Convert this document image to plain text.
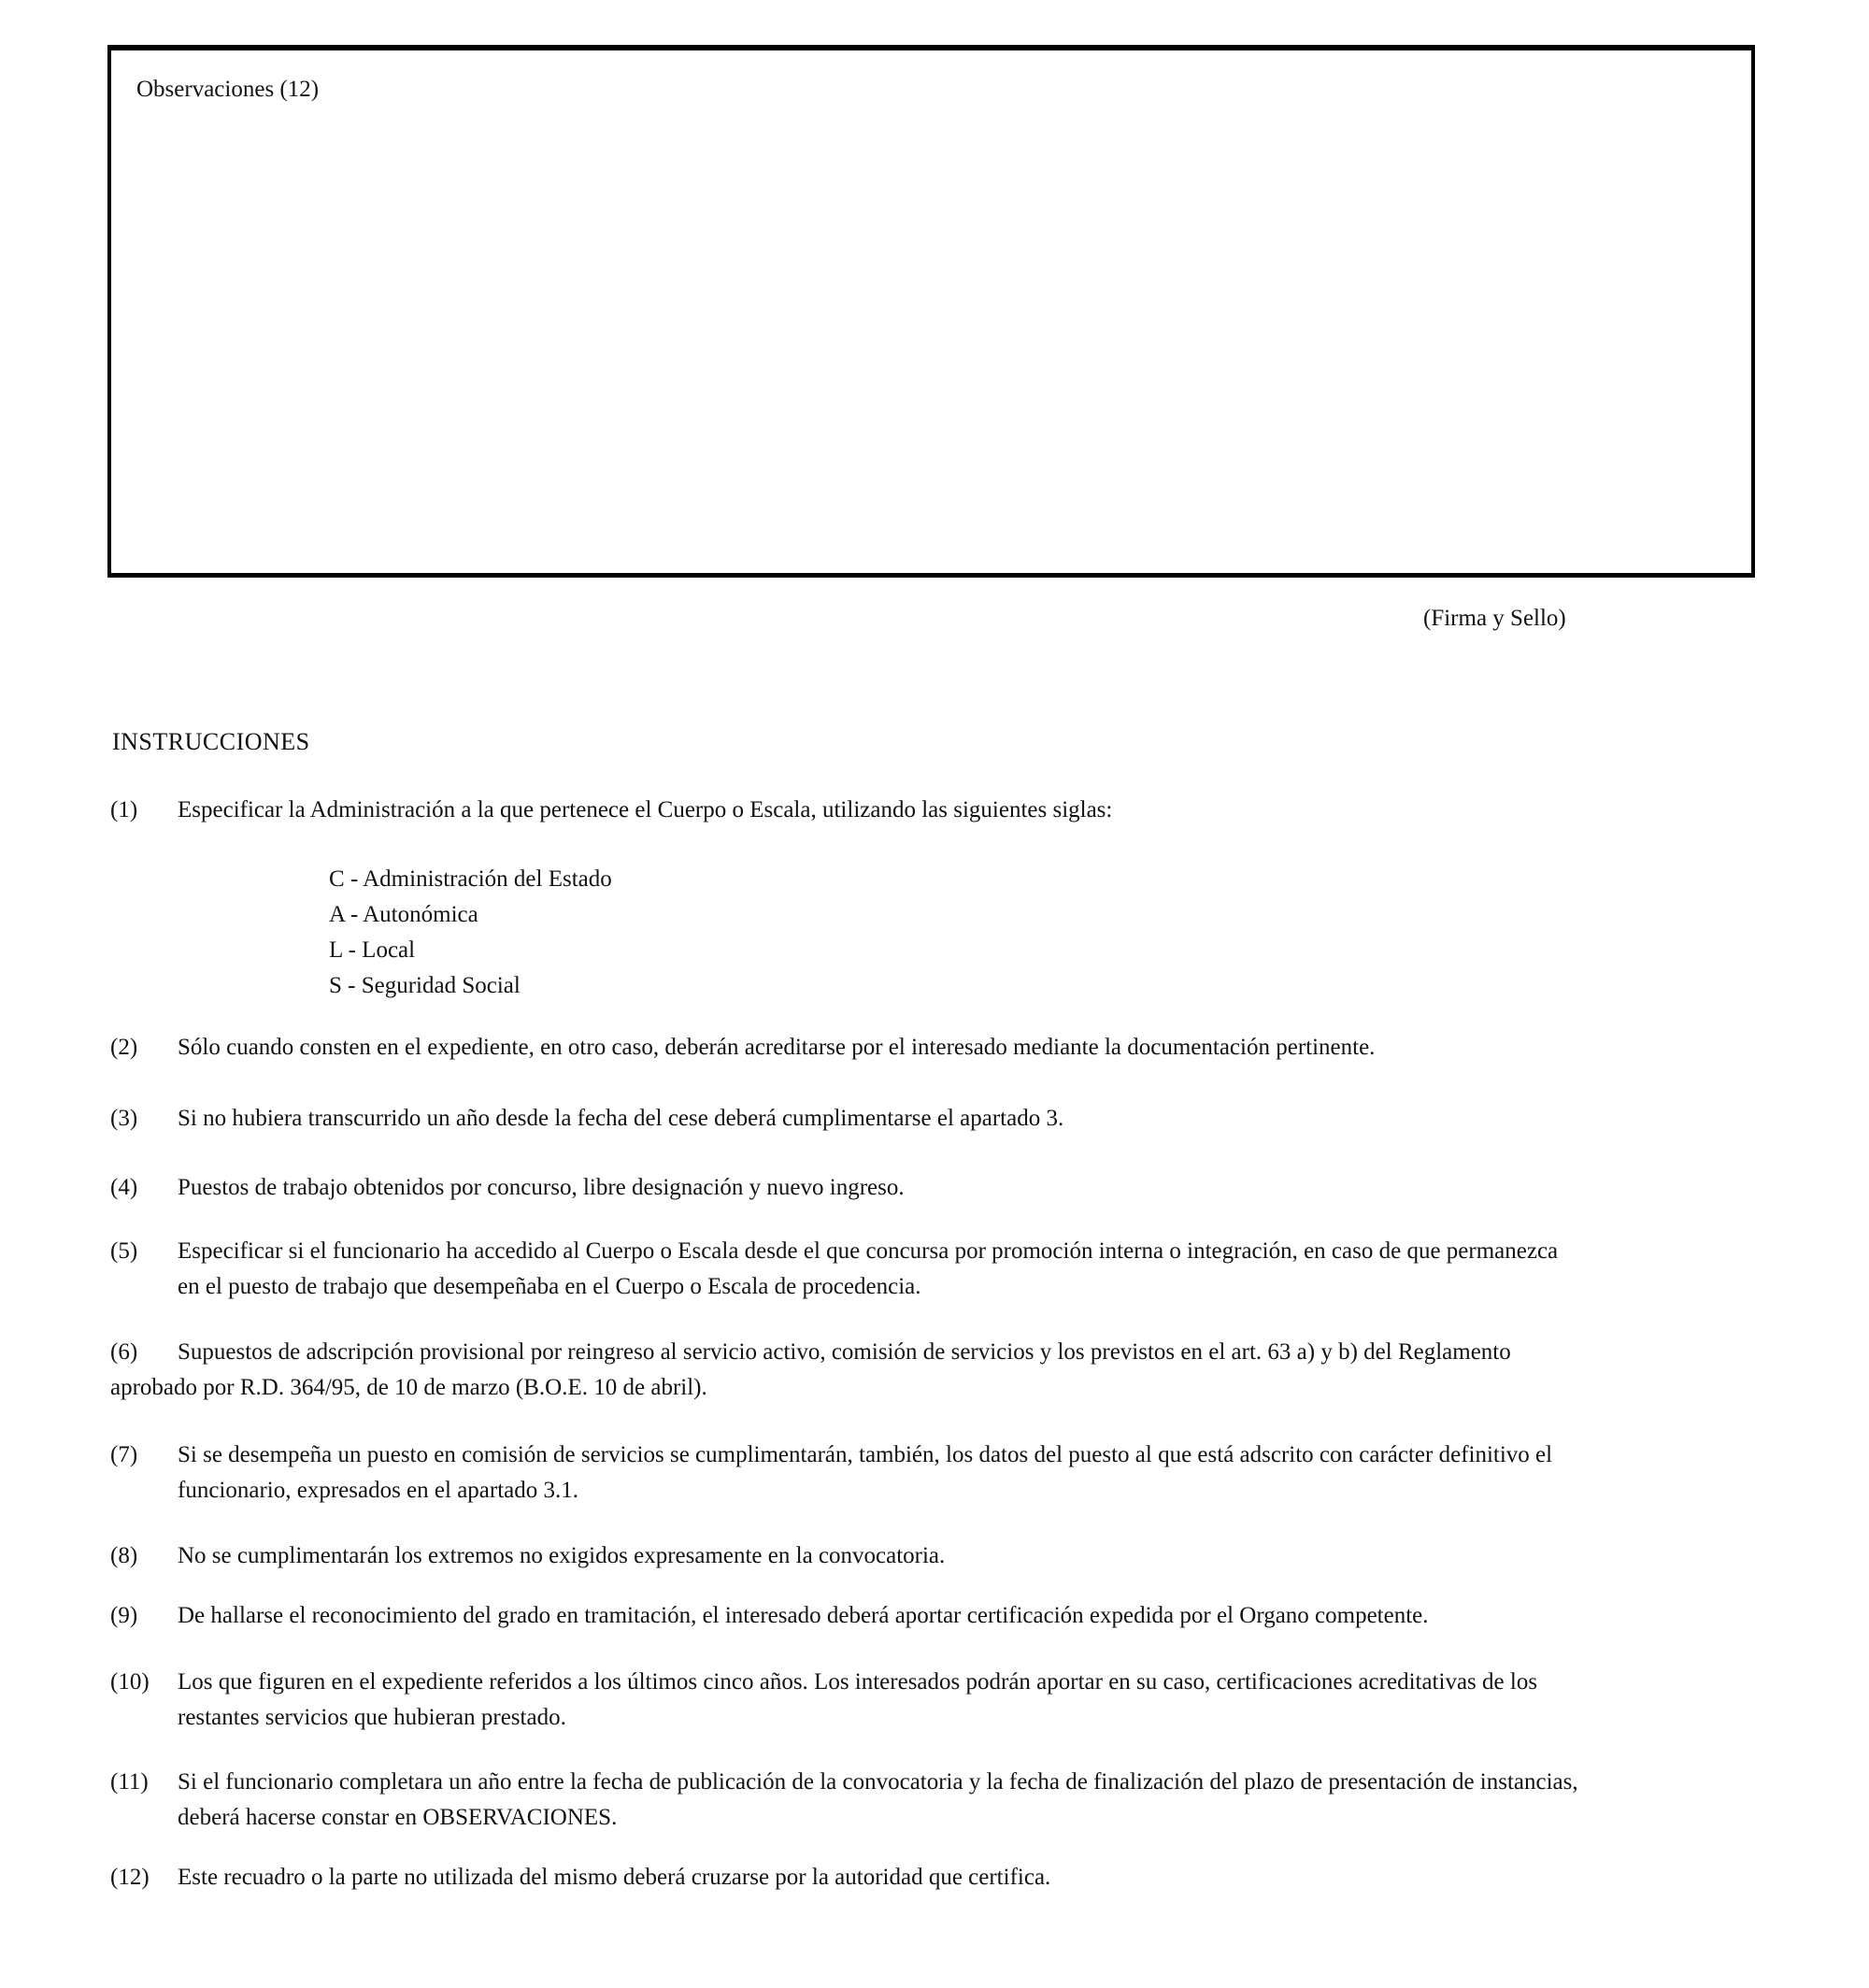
Observaciones (12)
(Firma y Sello)
INSTRUCCIONES
(1)	Especificar la Administración a la que pertenece el Cuerpo o Escala, utilizando las siguientes siglas:
C - Administración del Estado
A - Autonómica
L - Local
S - Seguridad Social
(2)	Sólo cuando consten en el expediente, en otro caso, deberán acreditarse por el interesado mediante la documentación pertinente.
(3)	Si no hubiera transcurrido un año desde la fecha del cese deberá cumplimentarse el apartado 3.
(4)	Puestos de trabajo obtenidos por concurso, libre designación y nuevo ingreso.
(5)	Especificar si el funcionario ha accedido al Cuerpo o Escala desde el que concursa por promoción interna o integración, en caso de que permanezca
en el puesto de trabajo que desempeñaba en el Cuerpo o Escala de procedencia.
(6)	Supuestos de adscripción provisional por reingreso al servicio activo, comisión de servicios y los previstos en el art. 63 a) y b) del Reglamento
aprobado por R.D. 364/95, de 10 de marzo (B.O.E. 10 de abril).
(7)	Si se desempeña un puesto en comisión de servicios se cumplimentarán, también, los datos del puesto al que está adscrito con carácter definitivo el
funcionario, expresados en el apartado 3.1.
(8)	No se cumplimentarán los extremos no exigidos expresamente en la convocatoria.
(9)	De hallarse el reconocimiento del grado en tramitación, el interesado deberá aportar certificación expedida por el Organo competente.
(10)	Los que figuren en el expediente referidos a los últimos cinco años. Los interesados podrán aportar en su caso, certificaciones acreditativas de los
restantes servicios que hubieran prestado.
(11)	Si el funcionario completara un año entre la fecha de publicación de la convocatoria y la fecha de finalización del plazo de presentación de instancias,
deberá hacerse constar en OBSERVACIONES.
(12)	Este recuadro o la parte no utilizada del mismo deberá cruzarse por la autoridad que certifica.
